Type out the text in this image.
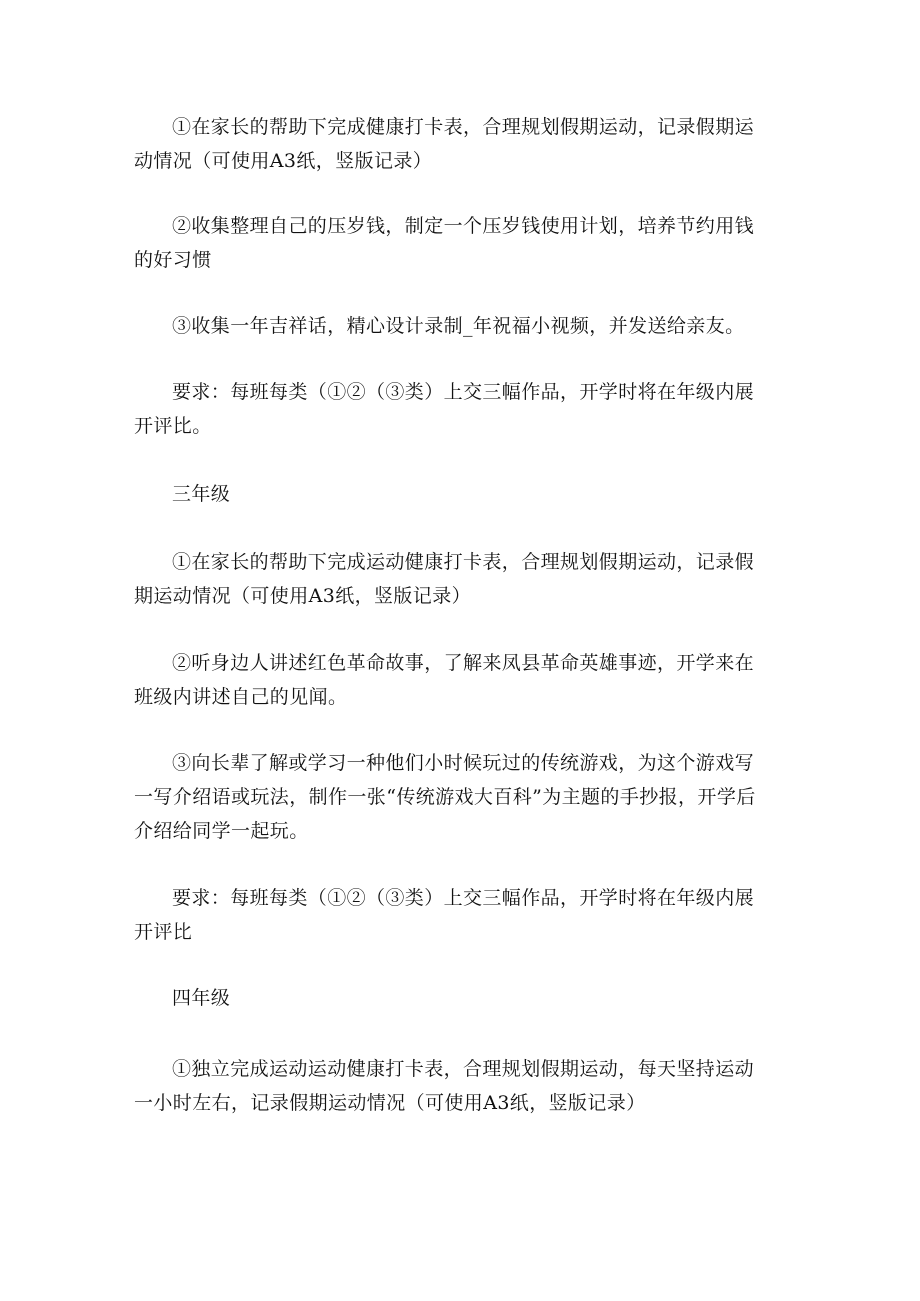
①在家长的帮助下完成健康打卡表，合理规划假期运动，记录假期运
动情况（可使用A3纸，竖版记录）

②收集整理自己的压岁钱，制定一个压岁钱使用计划，培养节约用钱
的好习惯

③收集一年吉祥话，精心设计录制_年祝福小视频，并发送给亲友。

要求：每班每类（①②（③类）上交三幅作品，开学时将在年级内展
开评比。

三年级

①在家长的帮助下完成运动健康打卡表，合理规划假期运动，记录假
期运动情况（可使用A3纸，竖版记录）

②听身边人讲述红色革命故事，了解来凤县革命英雄事迹，开学来在
班级内讲述自己的见闻。

③向长辈了解或学习一种他们小时候玩过的传统游戏，为这个游戏写
一写介绍语或玩法，制作一张“传统游戏大百科”为主题的手抄报，开学后
介绍给同学一起玩。

要求：每班每类（①②（③类）上交三幅作品，开学时将在年级内展
开评比

四年级

①独立完成运动运动健康打卡表，合理规划假期运动，每天坚持运动
一小时左右，记录假期运动情况（可使用A3纸，竖版记录）
